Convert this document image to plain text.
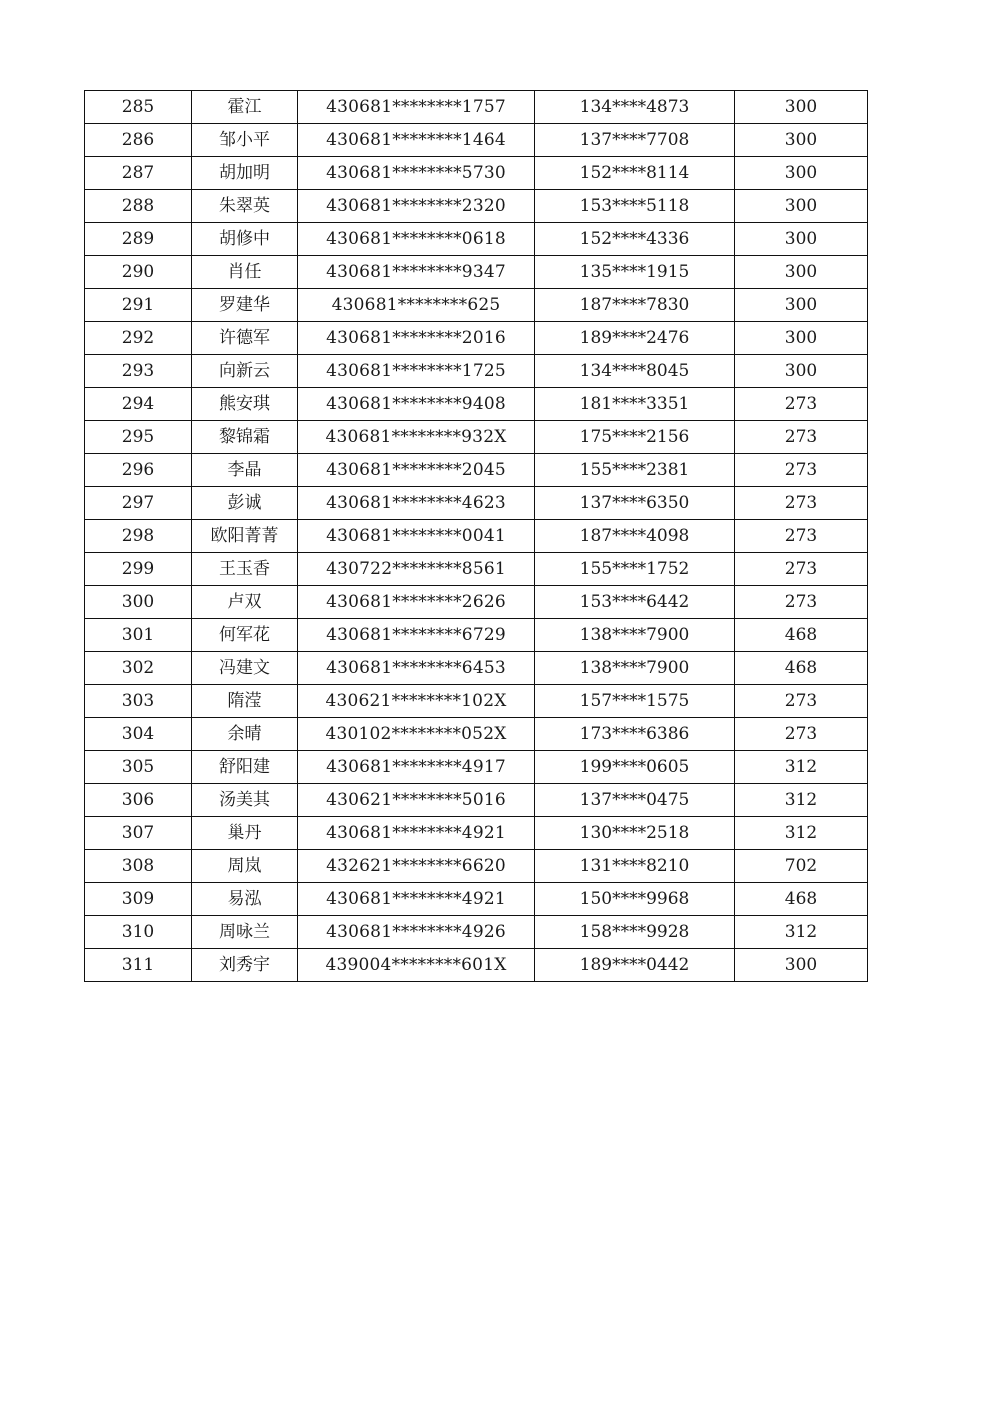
285	霍江	430681********1757	134****4873	300
286	邹小平	430681********1464	137****7708	300
287	胡加明	430681********5730	152****8114	300
288	朱翠英	430681********2320	153****5118	300
289	胡修中	430681********0618	152****4336	300
290	肖任	430681********9347	135****1915	300
291	罗建华	430681********625	187****7830	300
292	许德军	430681********2016	189****2476	300
293	向新云	430681********1725	134****8045	300
294	熊安琪	430681********9408	181****3351	273
295	黎锦霜	430681********932X	175****2156	273
296	李晶	430681********2045	155****2381	273
297	彭诚	430681********4623	137****6350	273
298	欧阳菁菁	430681********0041	187****4098	273
299	王玉香	430722********8561	155****1752	273
300	卢双	430681********2626	153****6442	273
301	何军花	430681********6729	138****7900	468
302	冯建文	430681********6453	138****7900	468
303	隋滢	430621********102X	157****1575	273
304	余晴	430102********052X	173****6386	273
305	舒阳建	430681********4917	199****0605	312
306	汤美其	430621********5016	137****0475	312
307	巢丹	430681********4921	130****2518	312
308	周岚	432621********6620	131****8210	702
309	易泓	430681********4921	150****9968	468
310	周咏兰	430681********4926	158****9928	312
311	刘秀宇	439004********601X	189****0442	300
